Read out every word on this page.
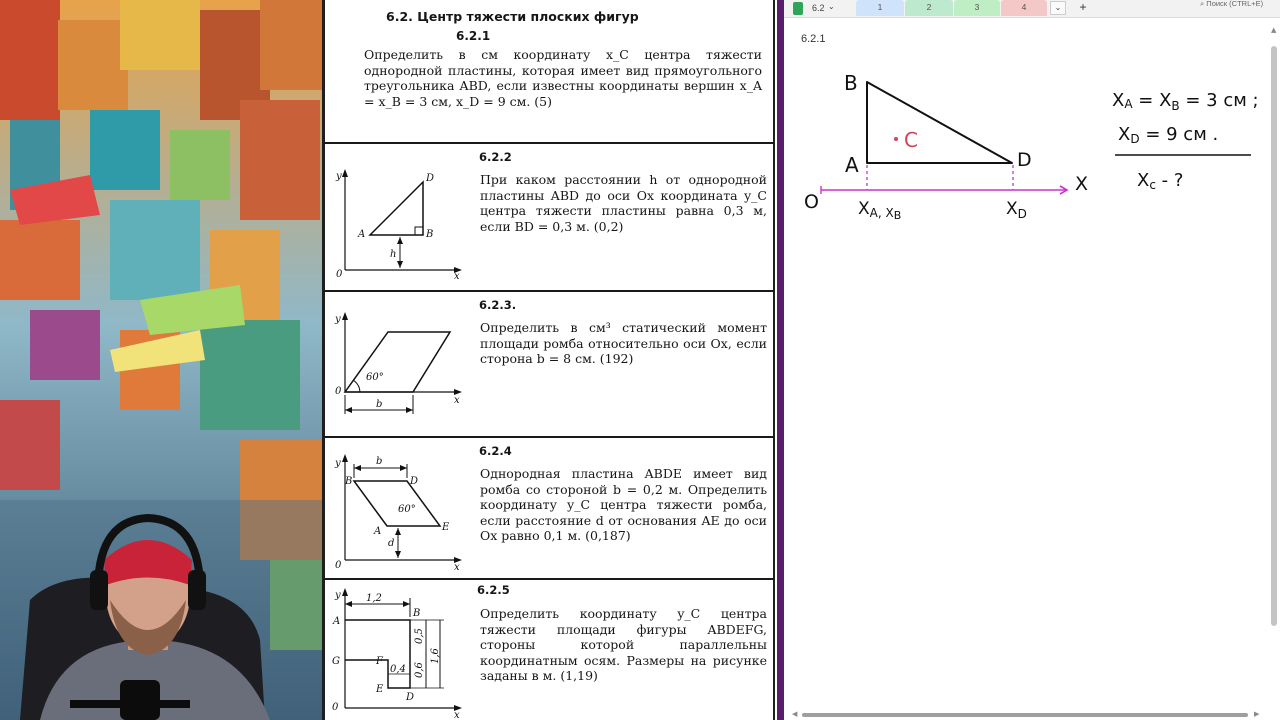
6.2. Центр тяжести плоских фигур
6.2.1
Определить в см координату x_C центра тяжести однородной пластины, которая имеет вид прямоугольного треугольника ABD, если известны координаты вершин x_A = x_B = 3 см, x_D = 9 см. (5)
6.2.2
При каком расстоянии h от однородной пластины ABD до оси Ox координата y_C центра тяжести пластины равна 0,3 м, если BD = 0,3 м. (0,2)
y	D
A	B
h
0	x
6.2.3.
Определить в см³ статический момент площади ромба относительно оси Ox, если сторона b = 8 см. (192)
y
60°
0
b	x
6.2.4
Однородная пластина ABDE имеет вид ромба со стороной b = 0,2 м. Определить координату y_C центра тяжести ромба, если расстояние d от основания AE до оси Ox равно 0,1 м. (0,187)
y	b
B	D
60°
A	E
d
0	x
6.2.5
Определить координату y_C центра тяжести площади фигуры ABDEFG, стороны которой параллельны координатным осям. Размеры на рисунке заданы в м. (1,19)
y	1,2
A
B
G	F
E
D
0
x
0,5
0,4 0,6
1,6
6.2 ⌄	1	2	3	4	⌄	+	⌕ Поиск (CTRL+E)
6.2.1
B
A	D
O
X
C
XA, XB	$X_D$
XA = $X_B = 3$ см ;
XD = 9 см .
Xc - ?
▲
◀	▶
